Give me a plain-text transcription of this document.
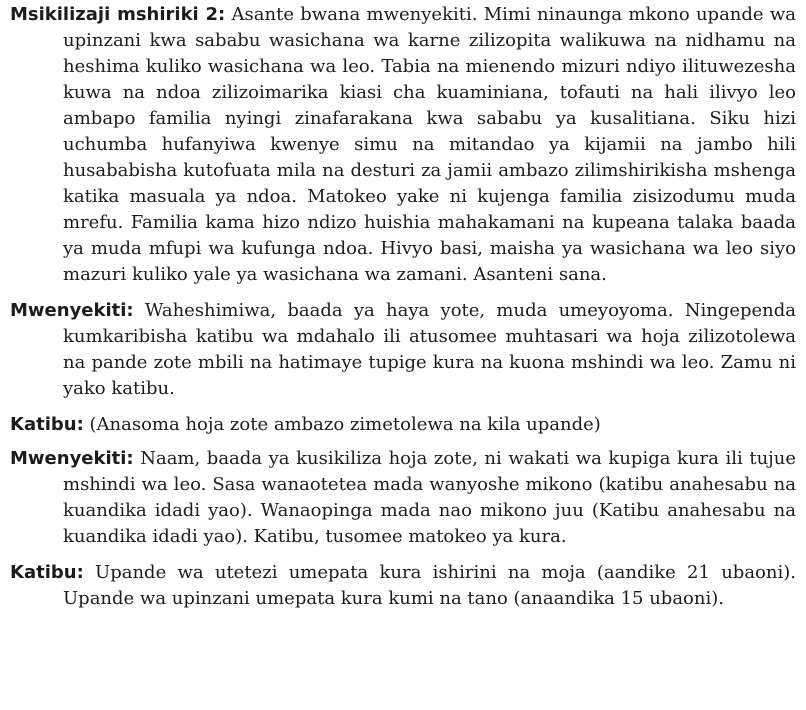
Msikilizaji mshiriki 2: Asante bwana mwenyekiti. Mimi ninaunga mkono upande wa upinzani kwa sababu wasichana wa karne zilizopita walikuwa na nidhamu na heshima kuliko wasichana wa leo. Tabia na mienendo mizuri ndiyo ilituwezesha kuwa na ndoa zilizoimarika kiasi cha kuaminiana, tofauti na hali ilivyo leo ambapo familia nyingi zinafarakana kwa sababu ya kusalitiana. Siku hizi uchumba hufanyiwa kwenye simu na mitandao ya kijamii na jambo hili husababisha kutofuata mila na desturi za jamii ambazo zilimshirikisha mshenga katika masuala ya ndoa. Matokeo yake ni kujenga familia zisizodumu muda mrefu. Familia kama hizo ndizo huishia mahakamani na kupeana talaka baada ya muda mfupi wa kufunga ndoa. Hivyo basi, maisha ya wasichana wa leo siyo mazuri kuliko yale ya wasichana wa zamani. Asanteni sana.

Mwenyekiti: Waheshimiwa, baada ya haya yote, muda umeyoyoma. Ningependa kumkaribisha katibu wa mdahalo ili atusomee muhtasari wa hoja zilizotolewa na pande zote mbili na hatimaye tupige kura na kuona mshindi wa leo. Zamu ni yako katibu.

Katibu: (Anasoma hoja zote ambazo zimetolewa na kila upande)

Mwenyekiti: Naam, baada ya kusikiliza hoja zote, ni wakati wa kupiga kura ili tujue mshindi wa leo. Sasa wanaotetea mada wanyoshe mikono (katibu anahesabu na kuandika idadi yao). Wanaopinga mada nao mikono juu (Katibu anahesabu na kuandika idadi yao). Katibu, tusomee matokeo ya kura.

Katibu: Upande wa utetezi umepata kura ishirini na moja (aandike 21 ubaoni). Upande wa upinzani umepata kura kumi na tano (anaandika 15 ubaoni).
